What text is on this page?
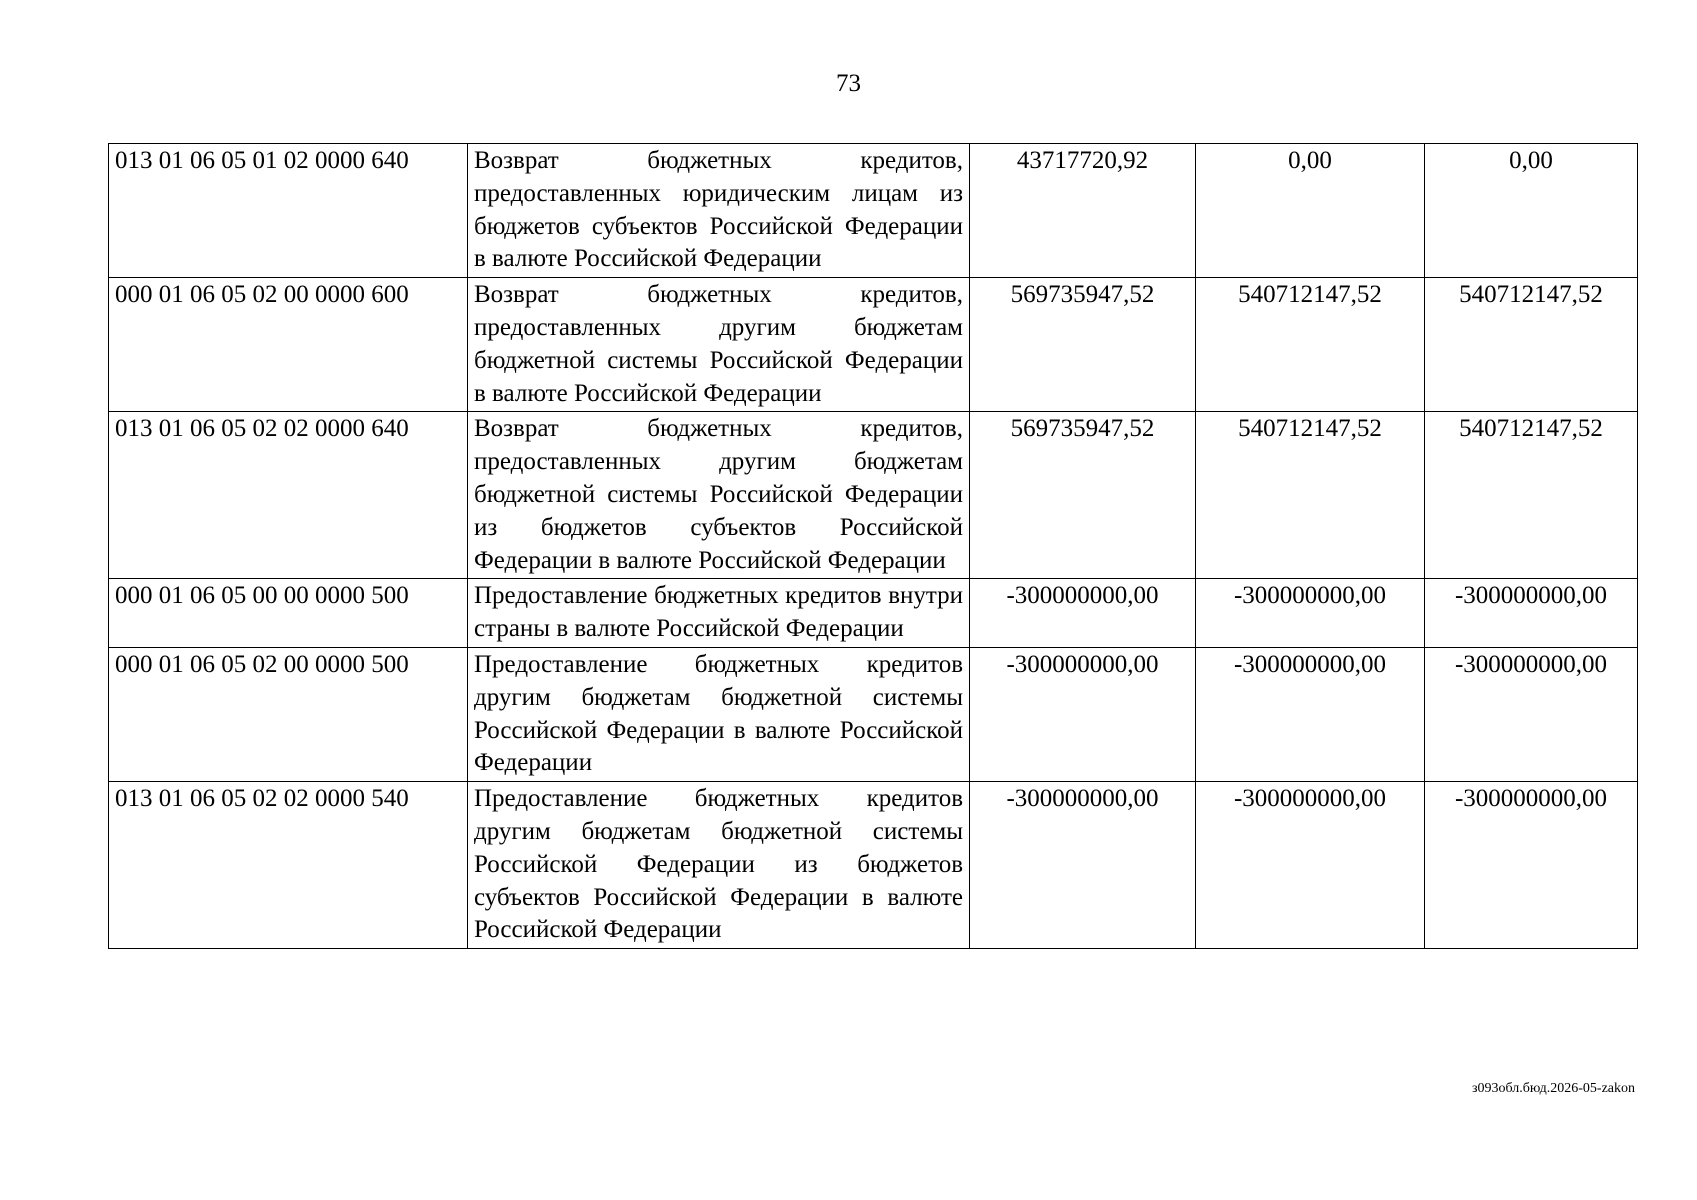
73
013 01 06 05 01 02 0000 640	Возврат бюджетных кредитов, предоставленных юридическим лицам из бюджетов субъектов Российской Федерации в валюте Российской Федерации	43717720,92	0,00	0,00
000 01 06 05 02 00 0000 600	Возврат бюджетных кредитов, предоставленных другим бюджетам бюджетной системы Российской Федерации в валюте Российской Федерации	569735947,52	540712147,52	540712147,52
013 01 06 05 02 02 0000 640	Возврат бюджетных кредитов, предоставленных другим бюджетам бюджетной системы Российской Федерации из бюджетов субъектов Российской Федерации в валюте Российской Федерации	569735947,52	540712147,52	540712147,52
000 01 06 05 00 00 0000 500	Предоставление бюджетных кредитов внутри страны в валюте Российской Федерации	-300000000,00	-300000000,00	-300000000,00
000 01 06 05 02 00 0000 500	Предоставление бюджетных кредитов другим бюджетам бюджетной системы Российской Федерации в валюте Российской Федерации	-300000000,00	-300000000,00	-300000000,00
013 01 06 05 02 02 0000 540	Предоставление бюджетных кредитов другим бюджетам бюджетной системы Российской Федерации из бюджетов субъектов Российской Федерации в валюте Российской Федерации	-300000000,00	-300000000,00	-300000000,00
з093обл.бюд.2026-05-zakon
